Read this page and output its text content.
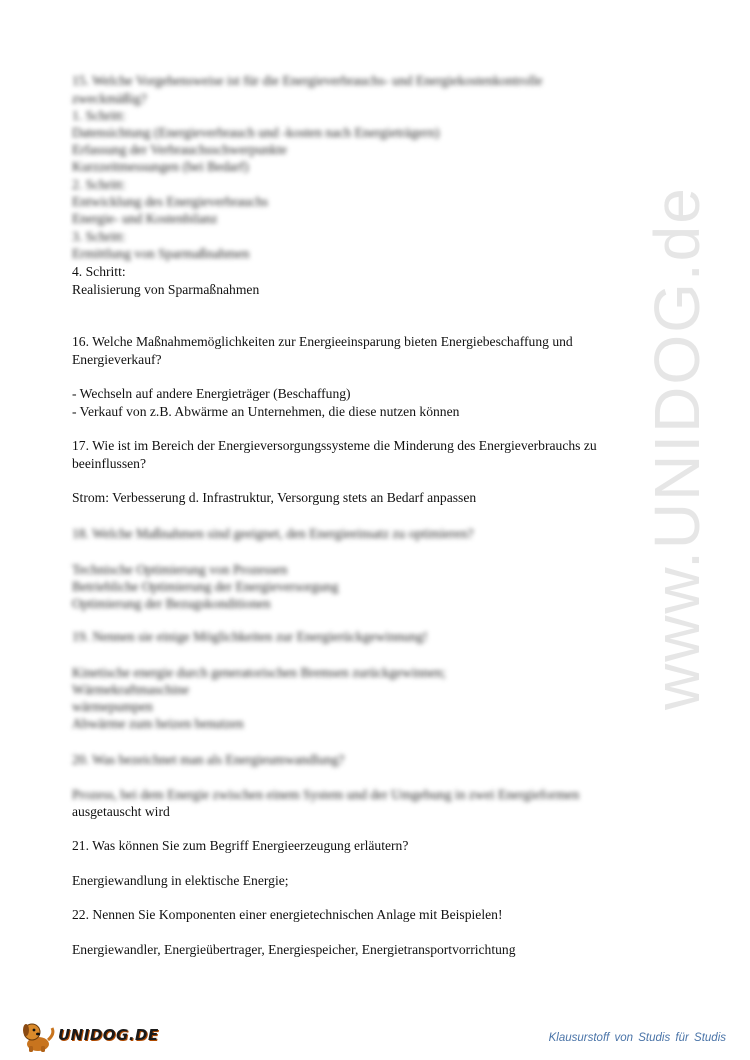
www.UNIDOG.de
15. Welche Vorgehensweise ist für die Energieverbrauchs- und Energiekostenkontrolle
zweckmäßig?
1. Schritt:
Datensichtung (Energieverbrauch und -kosten nach Energieträgern)
Erfassung der Verbrauchsschwerpunkte
Kurzzeitmessungen (bei Bedarf)
2. Schritt:
Entwicklung des Energieverbrauchs
Energie- und Kostenbilanz
3. Schritt:
Ermittlung von Sparmaßnahmen
4. Schritt:
Realisierung von Sparmaßnahmen
16. Welche Maßnahmemöglichkeiten zur Energieeinsparung bieten Energiebeschaffung und
Energieverkauf?
- Wechseln auf andere Energieträger (Beschaffung)
- Verkauf von z.B. Abwärme an Unternehmen, die diese nutzen können
17. Wie ist im Bereich der Energieversorgungssysteme die Minderung des Energieverbrauchs zu
beeinflussen?
Strom: Verbesserung d. Infrastruktur, Versorgung stets an Bedarf anpassen
18. Welche Maßnahmen sind geeignet, den Energieeinsatz zu optimieren?
Technische Optimierung von Prozessen
Betriebliche Optimierung der Energieversorgung
Optimierung der Bezugskonditionen
19. Nennen sie einige Möglichkeiten zur Energierückgewinnung!
Kinetische energie durch generatorischen Bremsen zurückgewinnen;
Wärmekraftmaschine
wärmepumpen
Abwärme zum heizen benutzen
20. Was bezeichnet man als Energieumwandlung?
Prozess, bei dem Energie zwischen einem System und der Umgebung in zwei Energieformen
ausgetauscht wird
21. Was können Sie zum Begriff Energieerzeugung erläutern?
Energiewandlung in elektische Energie;
22. Nennen Sie Komponenten einer energietechnischen Anlage mit Beispielen!
Energiewandler, Energieübertrager, Energiespeicher, Energietransportvorrichtung
UNIDOG.DE	Klausurstoff von Studis für Studis
